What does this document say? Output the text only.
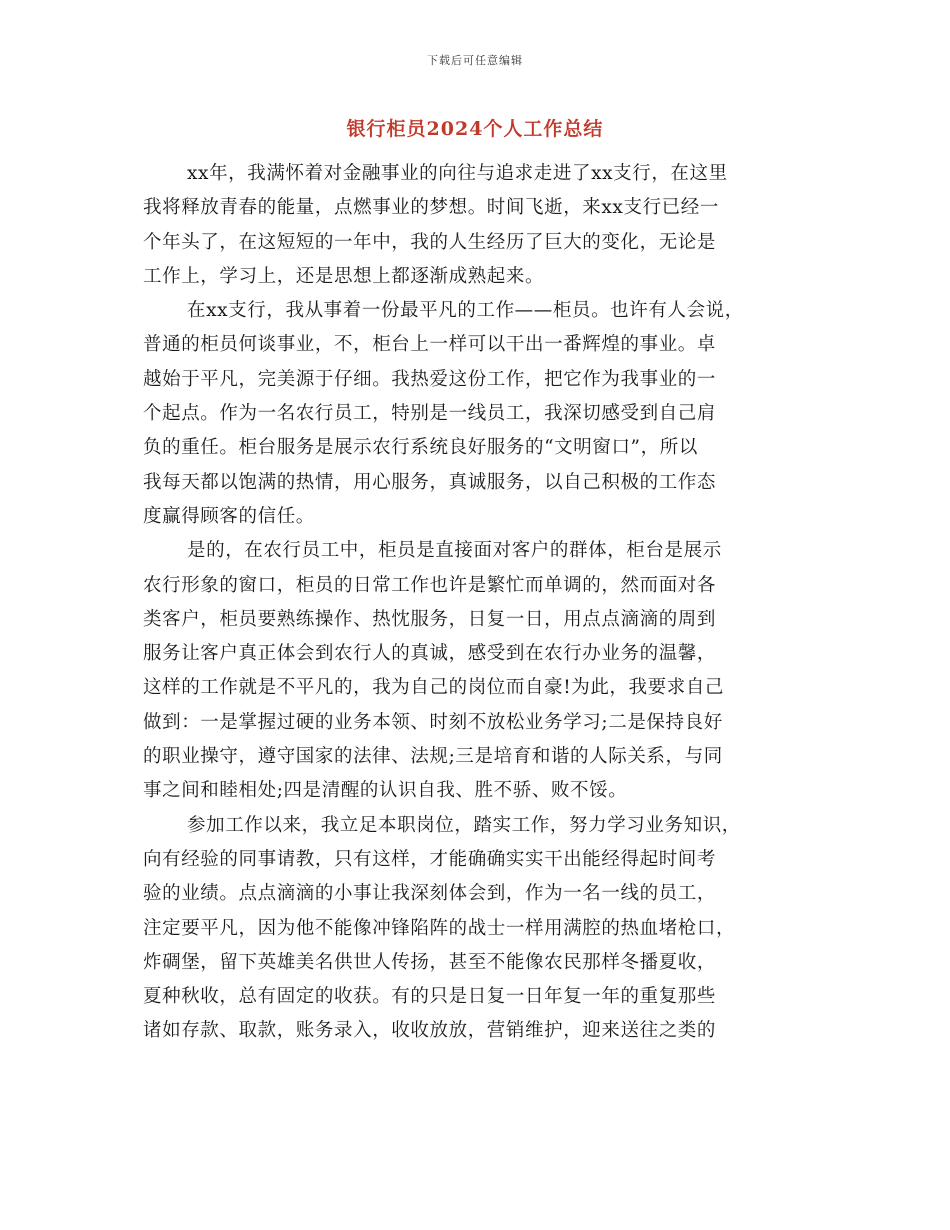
下载后可任意编辑
银行柜员2024个人工作总结
xx年，我满怀着对金融事业的向往与追求走进了xx支行，在这里
我将释放青春的能量，点燃事业的梦想。时间飞逝，来xx支行已经一
个年头了，在这短短的一年中，我的人生经历了巨大的变化，无论是
工作上，学习上，还是思想上都逐渐成熟起来。
在xx支行，我从事着一份最平凡的工作——柜员。也许有人会说，
普通的柜员何谈事业，不，柜台上一样可以干出一番辉煌的事业。卓
越始于平凡，完美源于仔细。我热爱这份工作，把它作为我事业的一
个起点。作为一名农行员工，特别是一线员工，我深切感受到自己肩
负的重任。柜台服务是展示农行系统良好服务的“文明窗口”，所以
我每天都以饱满的热情，用心服务，真诚服务，以自己积极的工作态
度赢得顾客的信任。
是的，在农行员工中，柜员是直接面对客户的群体，柜台是展示
农行形象的窗口，柜员的日常工作也许是繁忙而单调的，然而面对各
类客户，柜员要熟练操作、热忱服务，日复一日，用点点滴滴的周到
服务让客户真正体会到农行人的真诚，感受到在农行办业务的温馨，
这样的工作就是不平凡的，我为自己的岗位而自豪!为此，我要求自己
做到：一是掌握过硬的业务本领、时刻不放松业务学习;二是保持良好
的职业操守，遵守国家的法律、法规;三是培育和谐的人际关系，与同
事之间和睦相处;四是清醒的认识自我、胜不骄、败不馁。
参加工作以来，我立足本职岗位，踏实工作，努力学习业务知识，
向有经验的同事请教，只有这样，才能确确实实干出能经得起时间考
验的业绩。点点滴滴的小事让我深刻体会到，作为一名一线的员工，
注定要平凡，因为他不能像冲锋陷阵的战士一样用满腔的热血堵枪口，
炸碉堡，留下英雄美名供世人传扬，甚至不能像农民那样冬播夏收，
夏种秋收，总有固定的收获。有的只是日复一日年复一年的重复那些
诸如存款、取款，账务录入，收收放放，营销维护，迎来送往之类的
